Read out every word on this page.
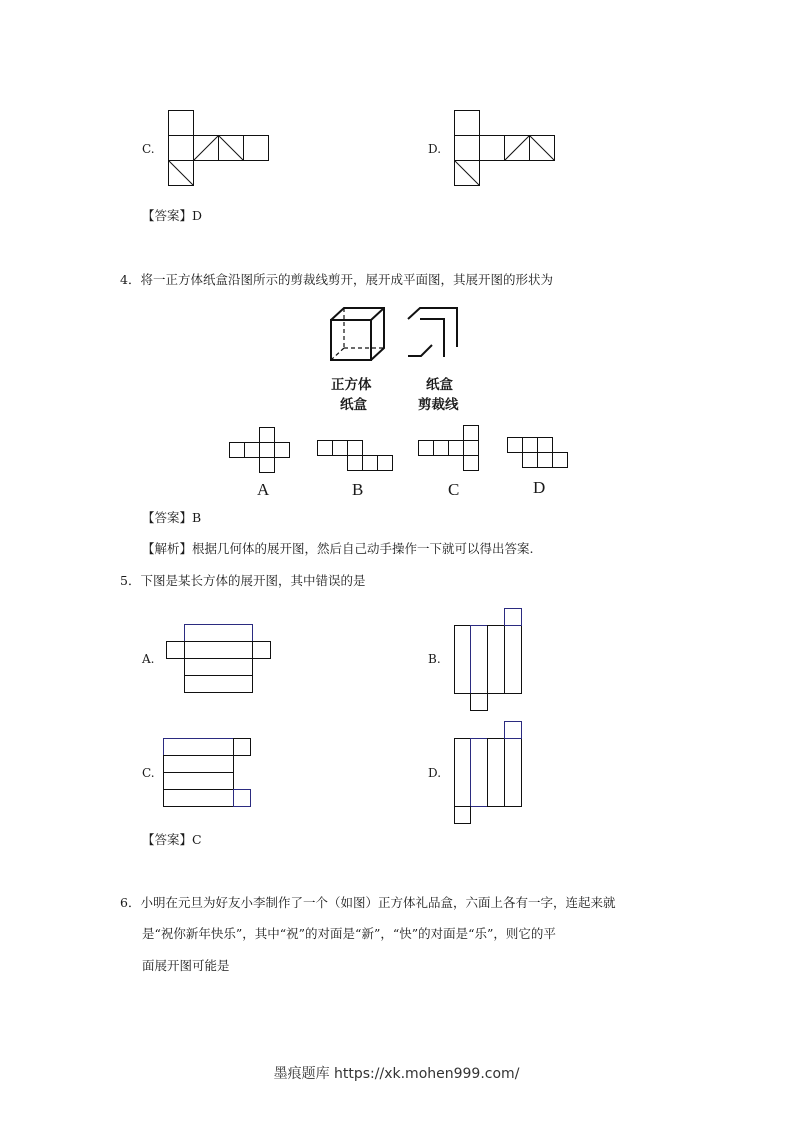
C.	D.
【答案】D
4．将一正方体纸盒沿图所示的剪裁线剪开，展开成平面图，其展开图的形状为
正方体
纸盒
纸盒
剪裁线
A	B	C	D
【答案】B
【解析】根据几何体的展开图，然后自己动手操作一下就可以得出答案.
5．下图是某长方体的展开图，其中错误的是
A.	B.
C.	D.
【答案】C
6．小明在元旦为好友小李制作了一个（如图）正方体礼品盒，六面上各有一字，连起来就
是“祝你新年快乐”，其中“祝”的对面是“新”，“快”的对面是“乐”，则它的平
面展开图可能是
墨痕题库 https://xk.mohen999.com/
